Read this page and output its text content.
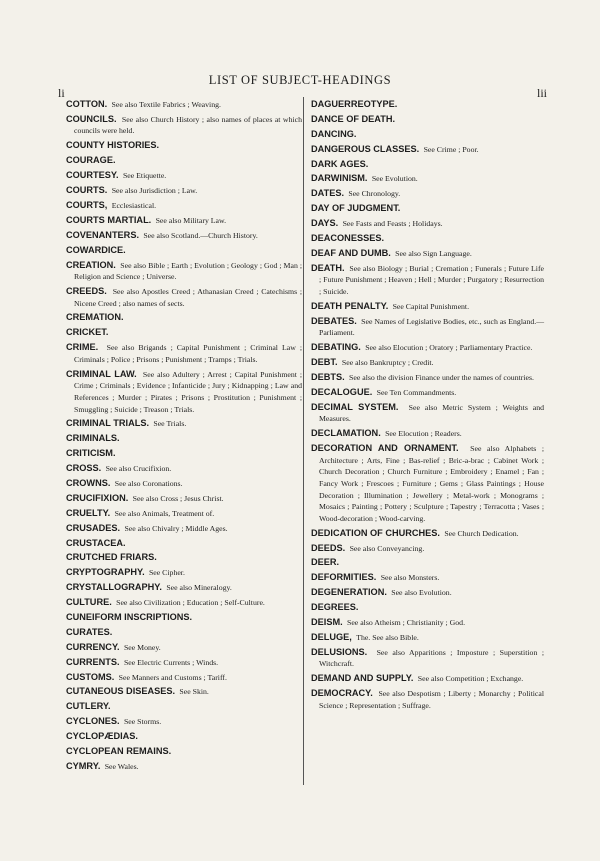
LIST OF SUBJECT-HEADINGS
li	lii

COTTON. See also Textile Fabrics ; Weaving.

COUNCILS. See also Church History ; also names of places at which councils were held.

COUNTY HISTORIES.

COURAGE.

COURTESY. See Etiquette.

COURTS. See also Jurisdiction ; Law.

COURTS, Ecclesiastical.

COURTS MARTIAL. See also Military Law.

COVENANTERS. See also Scotland.—Church History.

COWARDICE.

CREATION. See also Bible ; Earth ; Evolution ; Geology ; God ; Man ; Religion and Science ; Universe.

CREEDS. See also Apostles Creed ; Athanasian Creed ; Catechisms ; Nicene Creed ; also names of sects.

CREMATION.

CRICKET.

CRIME. See also Brigands ; Capital Punishment ; Criminal Law ; Criminals ; Police ; Prisons ; Punishment ; Tramps ; Trials.

CRIMINAL LAW. See also Adultery ; Arrest ; Capital Punishment ; Crime ; Criminals ; Evidence ; Infanticide ; Jury ; Kidnapping ; Law and References ; Murder ; Pirates ; Prisons ; Prostitution ; Punishment ; Smuggling ; Suicide ; Treason ; Trials.

CRIMINAL TRIALS. See Trials.

CRIMINALS.

CRITICISM.

CROSS. See also Crucifixion.

CROWNS. See also Coronations.

CRUCIFIXION. See also Cross ; Jesus Christ.

CRUELTY. See also Animals, Treatment of.

CRUSADES. See also Chivalry ; Middle Ages.

CRUSTACEA.

CRUTCHED FRIARS.

CRYPTOGRAPHY. See Cipher.

CRYSTALLOGRAPHY. See also Mineralogy.

CULTURE. See also Civilization ; Education ; Self-Culture.

CUNEIFORM INSCRIPTIONS.

CURATES.

CURRENCY. See Money.

CURRENTS. See Electric Currents ; Winds.

CUSTOMS. See Manners and Customs ; Tariff.

CUTANEOUS DISEASES. See Skin.

CUTLERY.

CYCLONES. See Storms.

CYCLOPÆDIAS.

CYCLOPEAN REMAINS.

CYMRY. See Wales.

DAGUERREOTYPE.

DANCE OF DEATH.

DANCING.

DANGEROUS CLASSES. See Crime ; Poor.

DARK AGES.

DARWINISM. See Evolution.

DATES. See Chronology.

DAY OF JUDGMENT.

DAYS. See Fasts and Feasts ; Holidays.

DEACONESSES.

DEAF AND DUMB. See also Sign Language.

DEATH. See also Biology ; Burial ; Cremation ; Funerals ; Future Life ; Future Punishment ; Heaven ; Hell ; Murder ; Purgatory ; Resurrection ; Suicide.

DEATH PENALTY. See Capital Punishment.

DEBATES. See Names of Legislative Bodies, etc., such as England.—Parliament.

DEBATING. See also Elocution ; Oratory ; Parliamentary Practice.

DEBT. See also Bankruptcy ; Credit.

DEBTS. See also the division Finance under the names of countries.

DECALOGUE. See Ten Commandments.

DECIMAL SYSTEM. See also Metric System ; Weights and Measures.

DECLAMATION. See Elocution ; Readers.

DECORATION AND ORNAMENT. See also Alphabets ; Architecture ; Arts, Fine ; Bas-relief ; Bric-a-brac ; Cabinet Work ; Church Decoration ; Church Furniture ; Embroidery ; Enamel ; Fan ; Fancy Work ; Frescoes ; Furniture ; Gems ; Glass Paintings ; House Decoration ; Illumination ; Jewellery ; Metal-work ; Monograms ; Mosaics ; Painting ; Pottery ; Sculpture ; Tapestry ; Terracotta ; Vases ; Wood-decoration ; Wood-carving.

DEDICATION OF CHURCHES. See Church Dedication.

DEEDS. See also Conveyancing.

DEER.

DEFORMITIES. See also Monsters.

DEGENERATION. See also Evolution.

DEGREES.

DEISM. See also Atheism ; Christianity ; God.

DELUGE, The. See also Bible.

DELUSIONS. See also Apparitions ; Imposture ; Superstition ; Witchcraft.

DEMAND AND SUPPLY. See also Competition ; Exchange.

DEMOCRACY. See also Despotism ; Liberty ; Monarchy ; Political Science ; Representation ; Suffrage.
